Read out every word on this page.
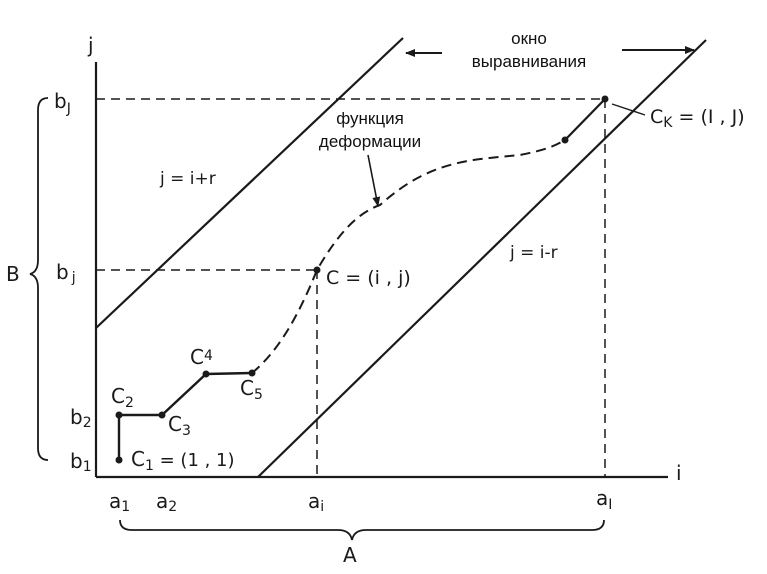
j
i
$b_J$
b j
b2
b1
a1 a2	ai	$a_I$
A
B
окно
выравнивания
функция
деформации
j = i+r
j = i-r
$C_1 = (1$ , 1)
$C_2$
$C_3$
$C^4$
$C_5$
C = (i , j)
$C_K = (I$ , J)
